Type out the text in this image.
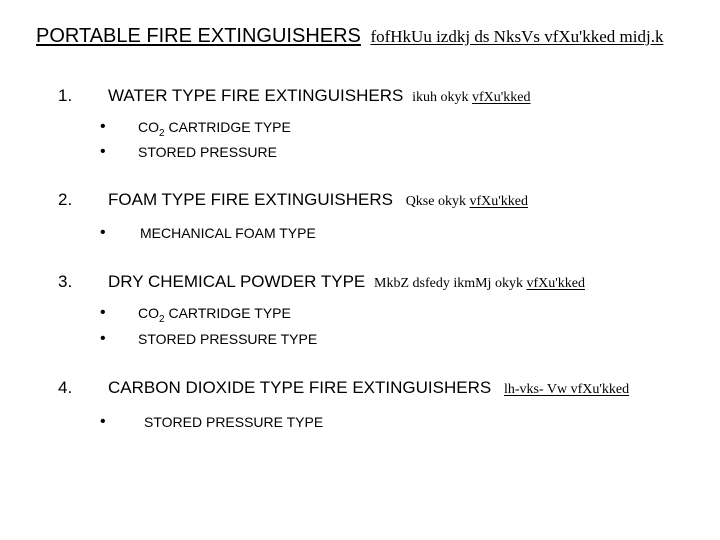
PORTABLE FIRE EXTINGUISHERS fofHkUu izdkj ds NksVs vfXu'kked midj.k
1. WATER TYPE FIRE EXTINGUISHERS ikuh okyk vfXu'kked
• $CO_2$ CARTRIDGE TYPE
• STORED PRESSURE
2. FOAM TYPE FIRE EXTINGUISHERS Qkse okyk vfXu'kked
• MECHANICAL FOAM TYPE
3. DRY CHEMICAL POWDER TYPE MkbZ dsfedy ikmMj okyk vfXu'kked
• $CO_2$ CARTRIDGE TYPE
• STORED PRESSURE TYPE
4. CARBON DIOXIDE TYPE FIRE EXTINGUISHERS lh-vks- Vw vfXu'kked
•	STORED PRESSURE TYPE
